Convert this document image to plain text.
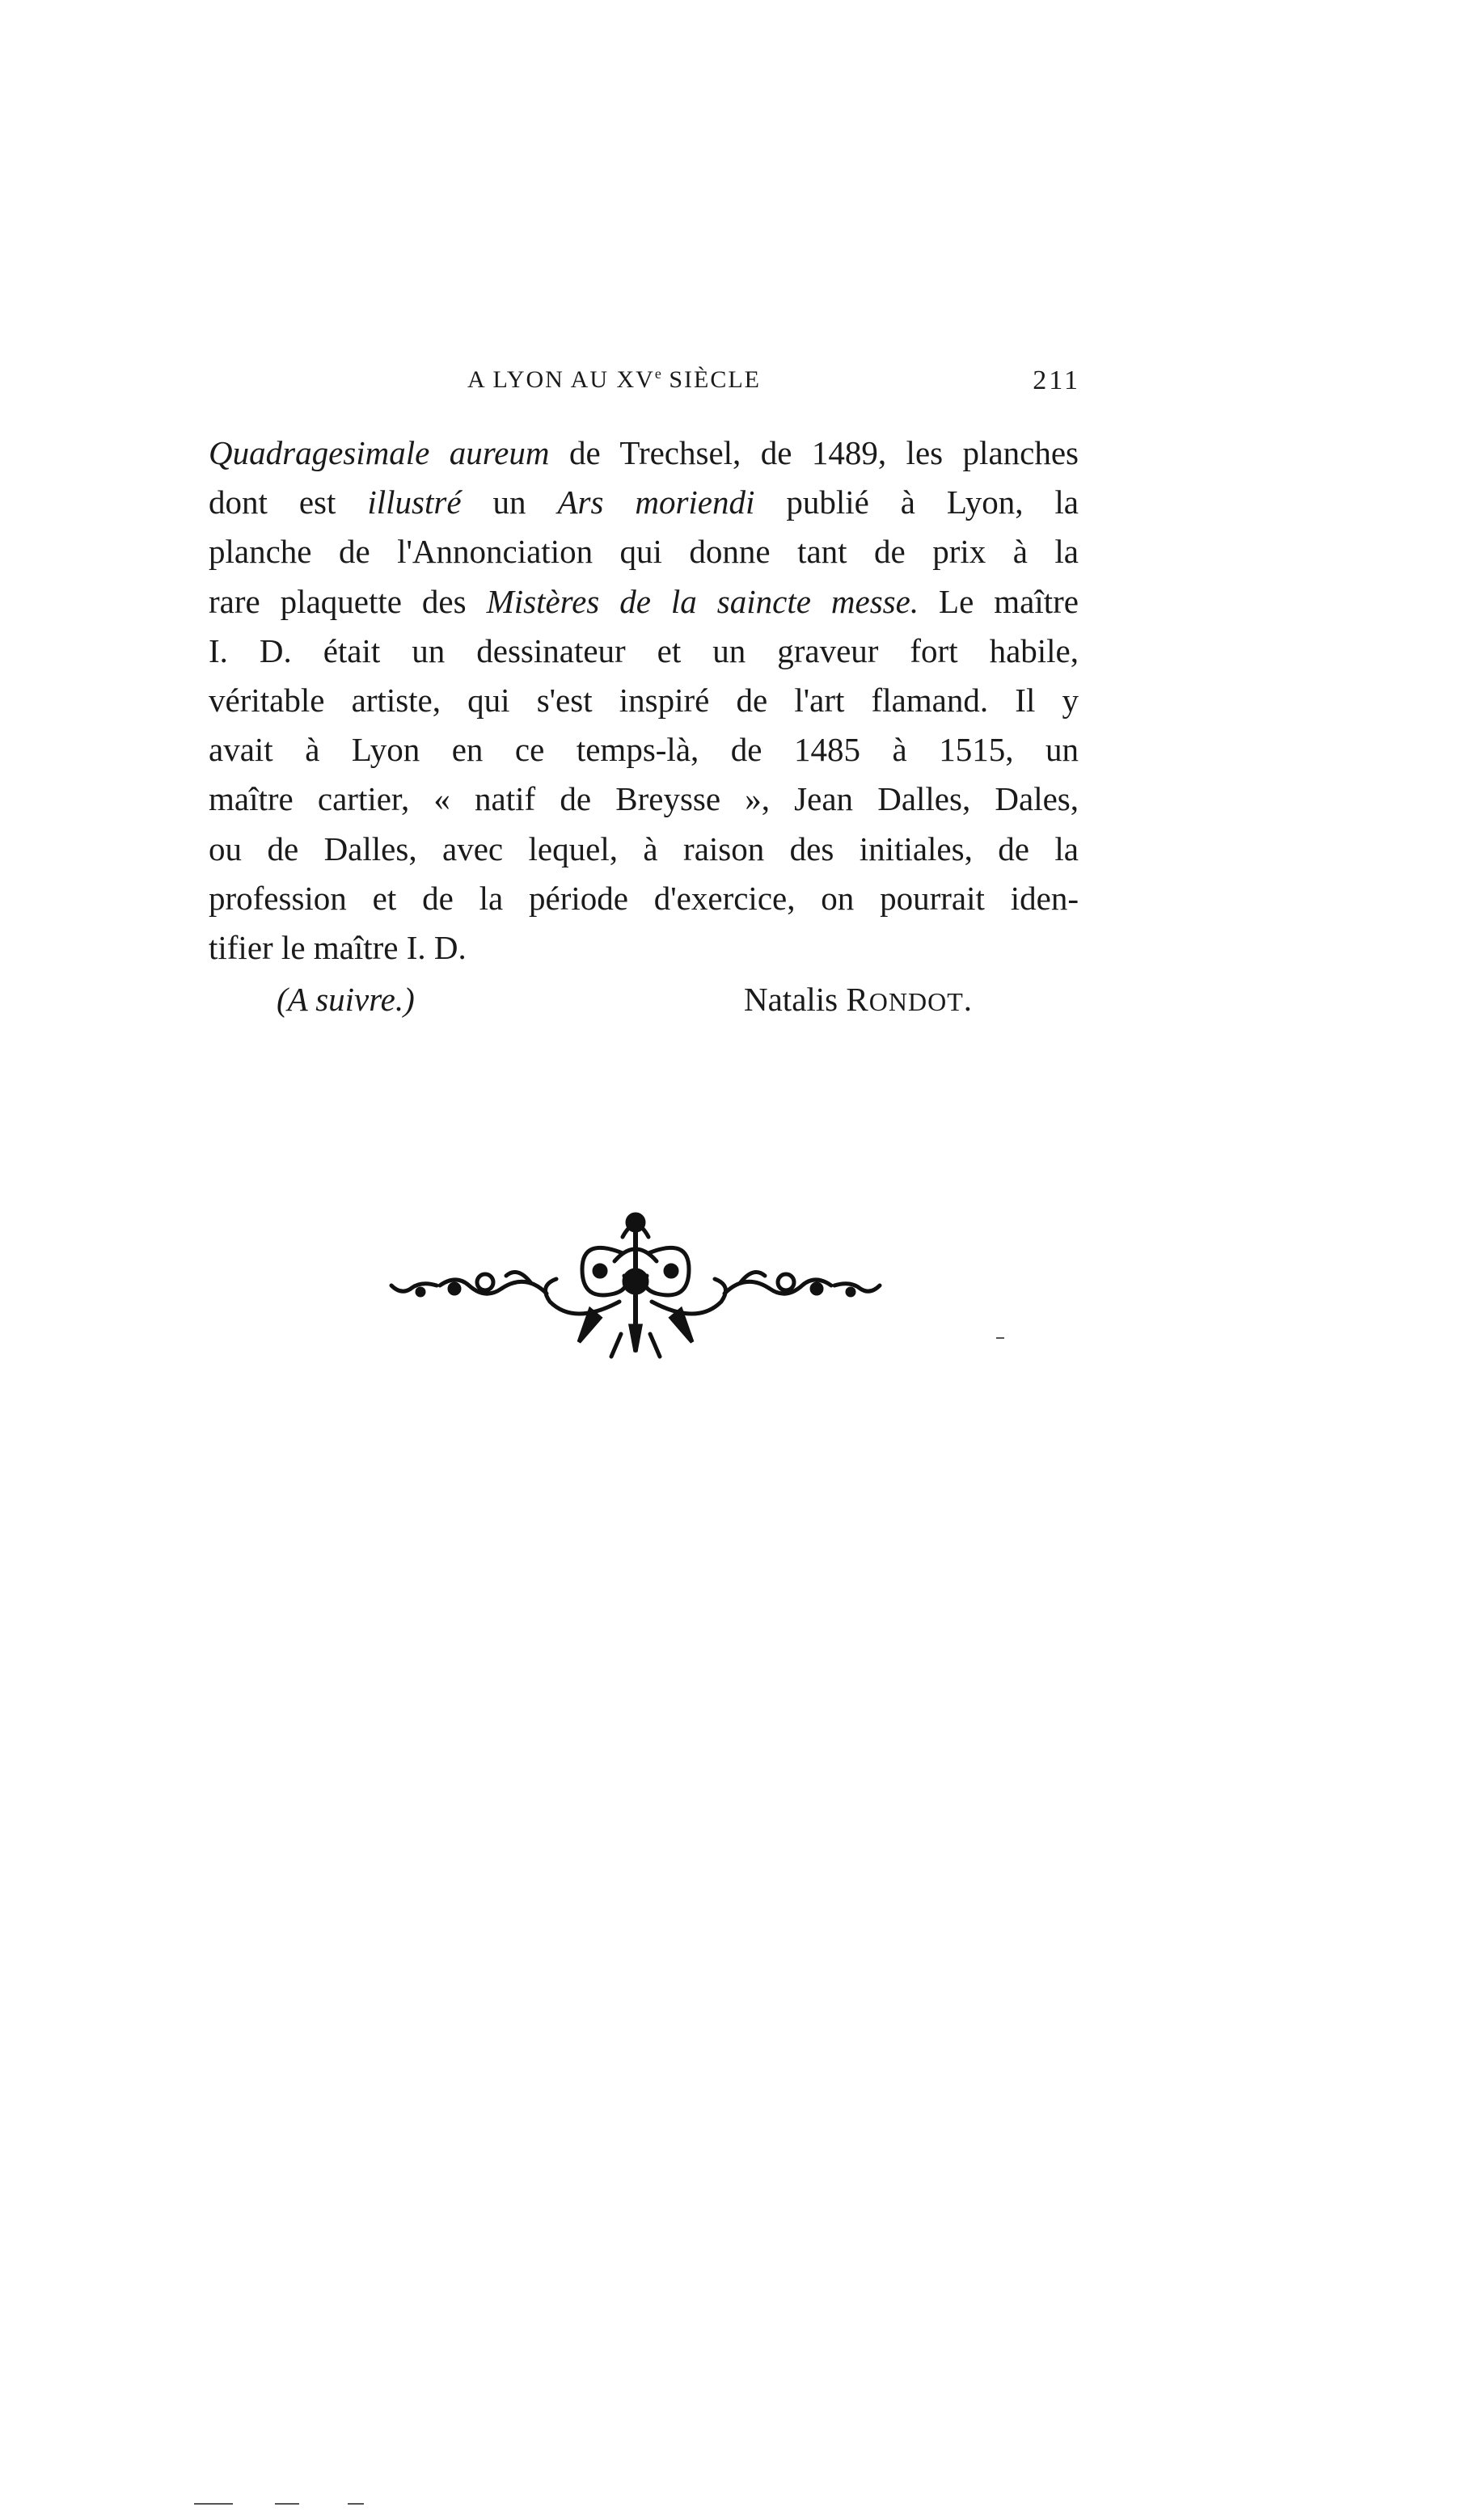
A LYON AU XVe SIÈCLE	211
Quadragesimale aureum de Trechsel, de 1489, les planches
dont est illustré un Ars moriendi publié à Lyon, la
planche de l'Annonciation qui donne tant de prix à la
rare plaquette des Mistères de la saincte messe. Le maître
I. D. était un dessinateur et un graveur fort habile,
véritable artiste, qui s'est inspiré de l'art flamand. Il y
avait à Lyon en ce temps-là, de 1485 à 1515, un
maître cartier, « natif de Breysse », Jean Dalles, Dales,
ou de Dalles, avec lequel, à raison des initiales, de la
profession et de la période d'exercice, on pourrait iden-
tifier le maître I. D.
(A suivre.)	Natalis RONDOT.
